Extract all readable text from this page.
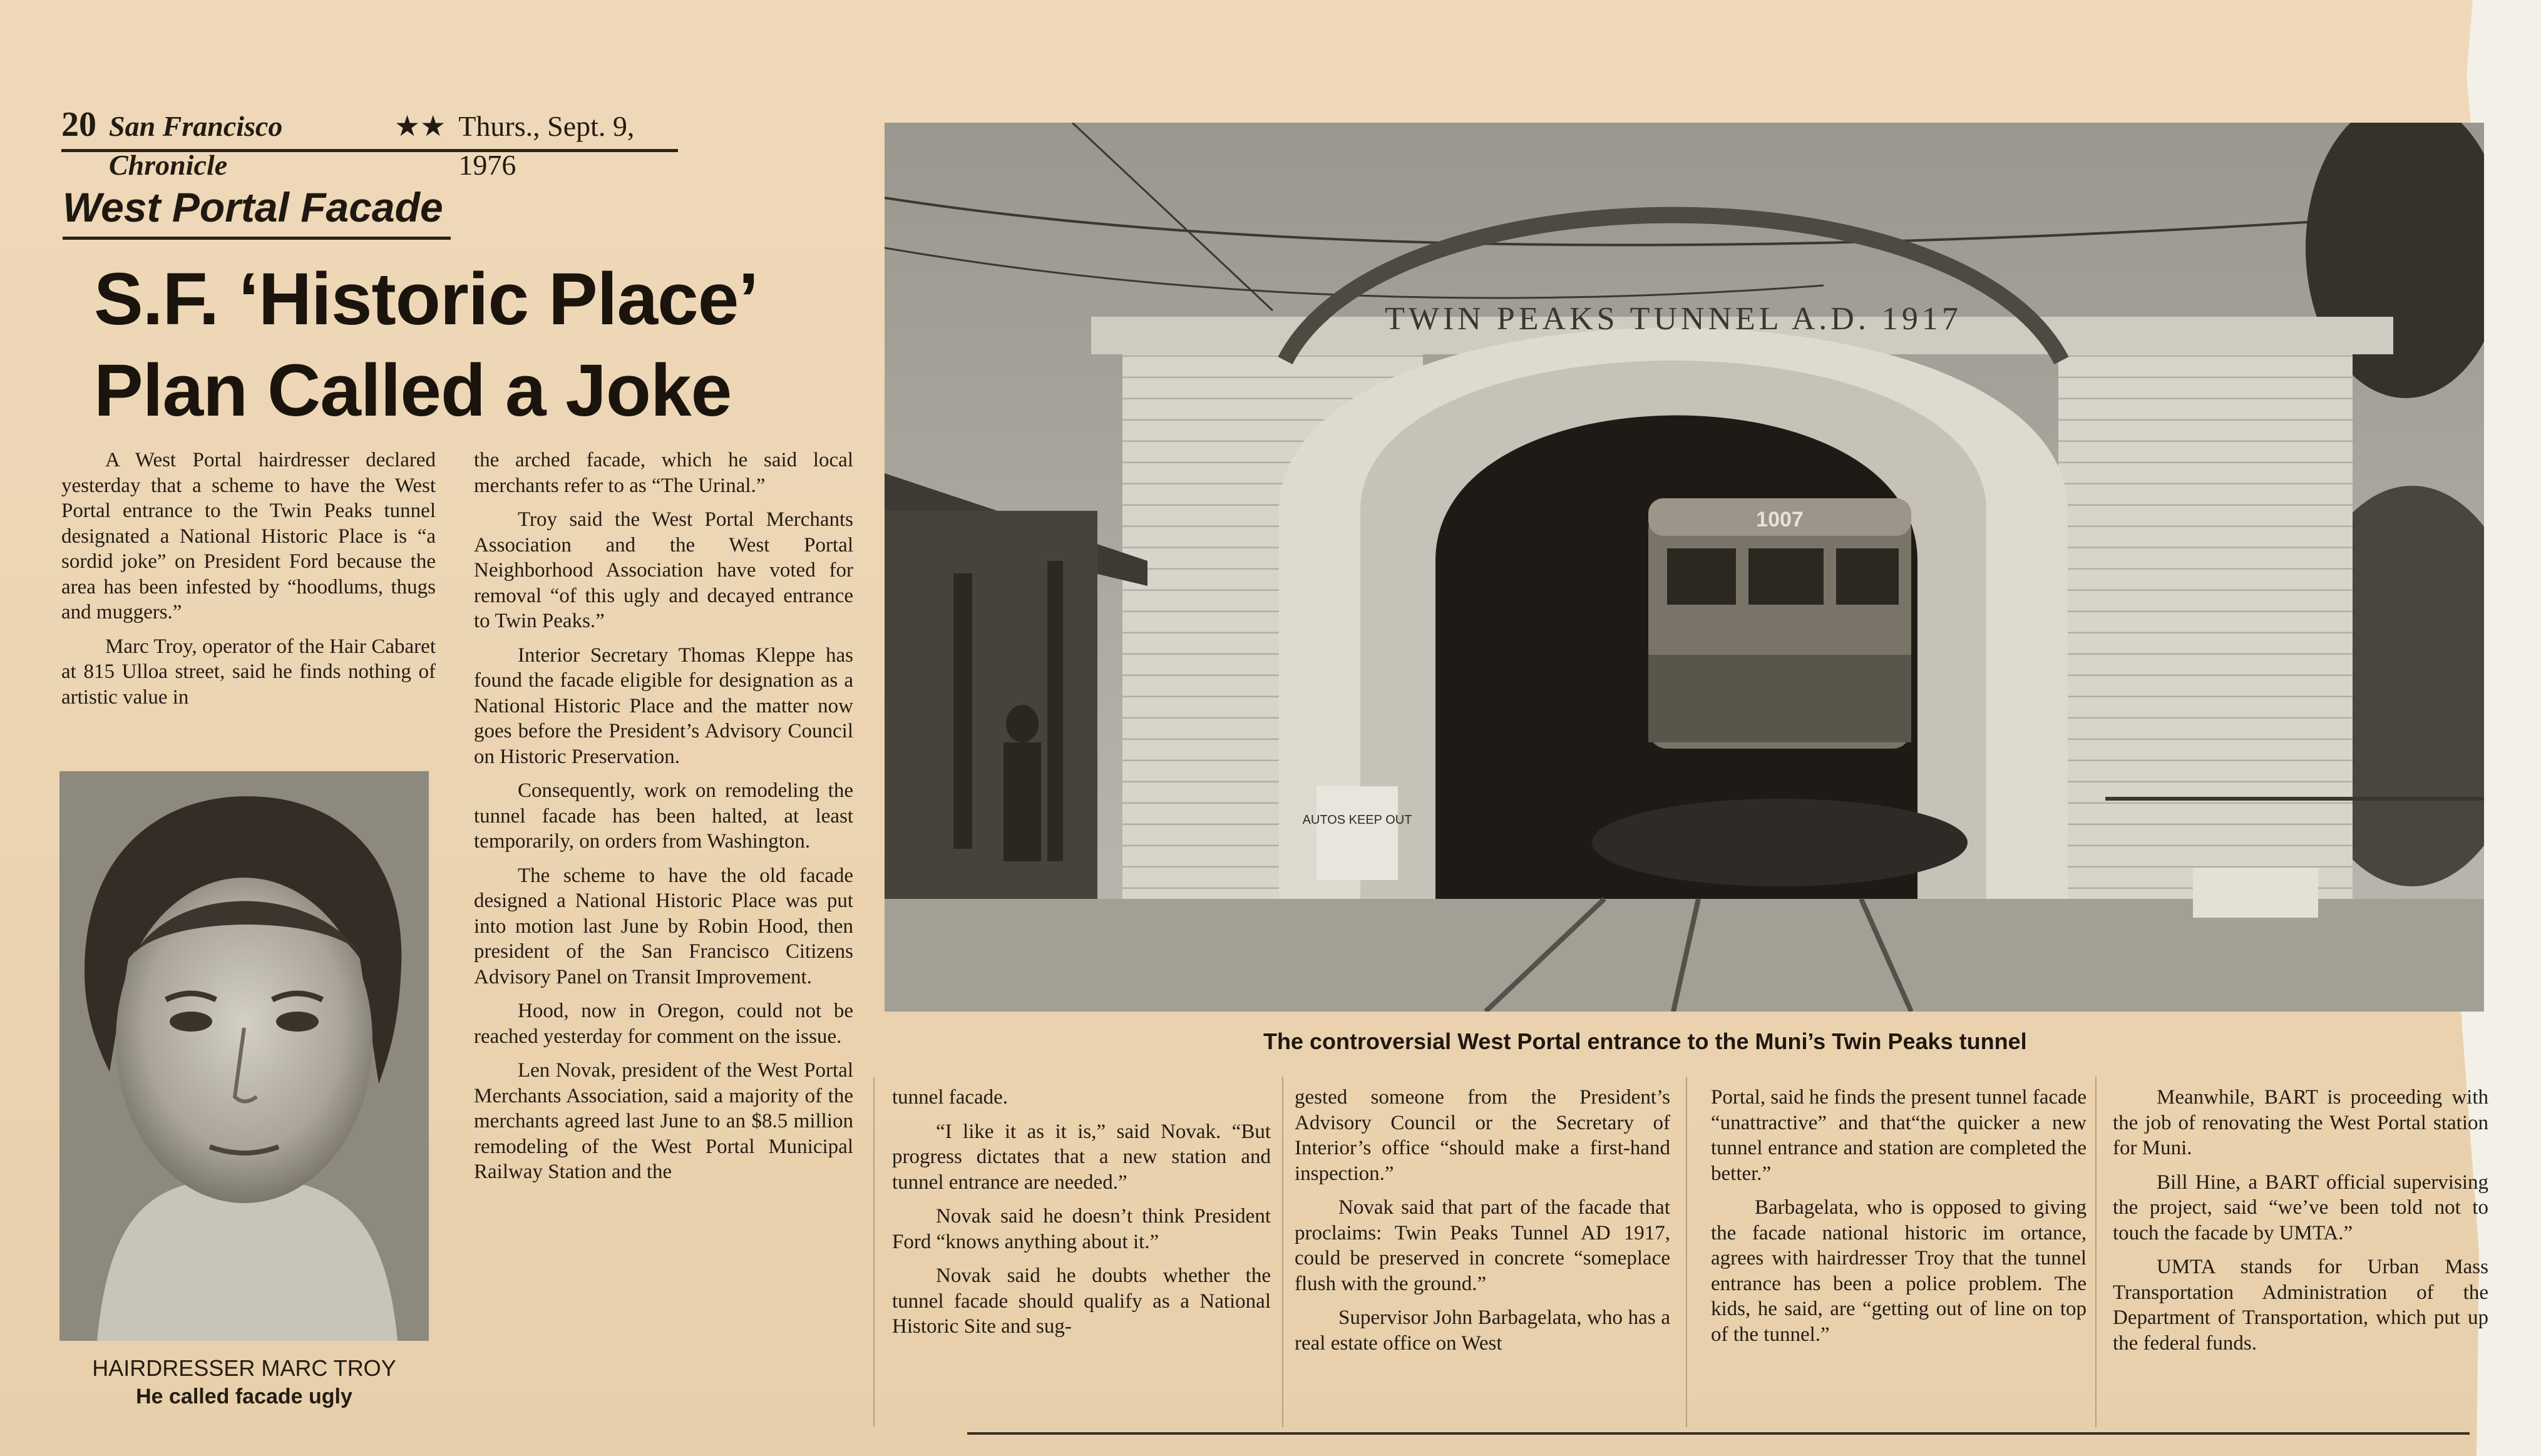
20 San Francisco Chronicle
★★ Thurs., Sept. 9, 1976
West Portal Facade
S.F. ‘Historic Place’
Plan Called a Joke

A West Portal hairdresser declared yesterday that a scheme to have the West Portal entrance to the Twin Peaks tunnel designated a National Historic Place is “a sordid joke” on President Ford because the area has been infested by “hoodlums, thugs and muggers.”

Marc Troy, operator of the Hair Cabaret at 815 Ulloa street, said he finds nothing of artistic value in

HAIRDRESSER MARC TROY
He called facade ugly

the arched facade, which he said local merchants refer to as “The Urinal.”

Troy said the West Portal Merchants Association and the West Portal Neighborhood Association have voted for removal “of this ugly and decayed entrance to Twin Peaks.”

Interior Secretary Thomas Kleppe has found the facade eligible for designation as a National Historic Place and the matter now goes before the President’s Advisory Council on Historic Preservation.

Consequently, work on remodeling the tunnel facade has been halted, at least temporarily, on orders from Washington.

The scheme to have the old facade designed a National Historic Place was put into motion last June by Robin Hood, then president of the San Francisco Citizens Advisory Panel on Transit Improvement.

Hood, now in Oregon, could not be reached yesterday for comment on the issue.

Len Novak, president of the West Portal Merchants Association, said a majority of the merchants agreed last June to an $8.5 million remodeling of the West Portal Municipal Railway Station and the

TWIN PEAKS TUNNEL A.D. 1917
1007
AUTOS KEEP OUT
The controversial West Portal entrance to the Muni’s Twin Peaks tunnel

tunnel facade.

“I like it as it is,” said Novak. “But progress dictates that a new station and tunnel entrance are needed.”

Novak said he doesn’t think President Ford “knows anything about it.”

Novak said he doubts whether the tunnel facade should qualify as a National Historic Site and sug-

gested someone from the President’s Advisory Council or the Secretary of Interior’s office “should make a first-hand inspection.”

Novak said that part of the facade that proclaims: Twin Peaks Tunnel AD 1917, could be preserved in concrete “someplace flush with the ground.”

Supervisor John Barbagelata, who has a real estate office on West

Portal, said he finds the present tunnel facade “unattractive” and that“the quicker a new tunnel entrance and station are completed the better.”

Barbagelata, who is opposed to giving the facade national historic im ortance, agrees with hairdresser Troy that the tunnel entrance has been a police problem. The kids, he said, are “getting out of line on top of the tunnel.”

Meanwhile, BART is proceeding with the job of renovating the West Portal station for Muni.

Bill Hine, a BART official supervising the project, said “we’ve been told not to touch the facade by UMTA.”

UMTA stands for Urban Mass Transportation Administration of the Department of Transportation, which put up the federal funds.
